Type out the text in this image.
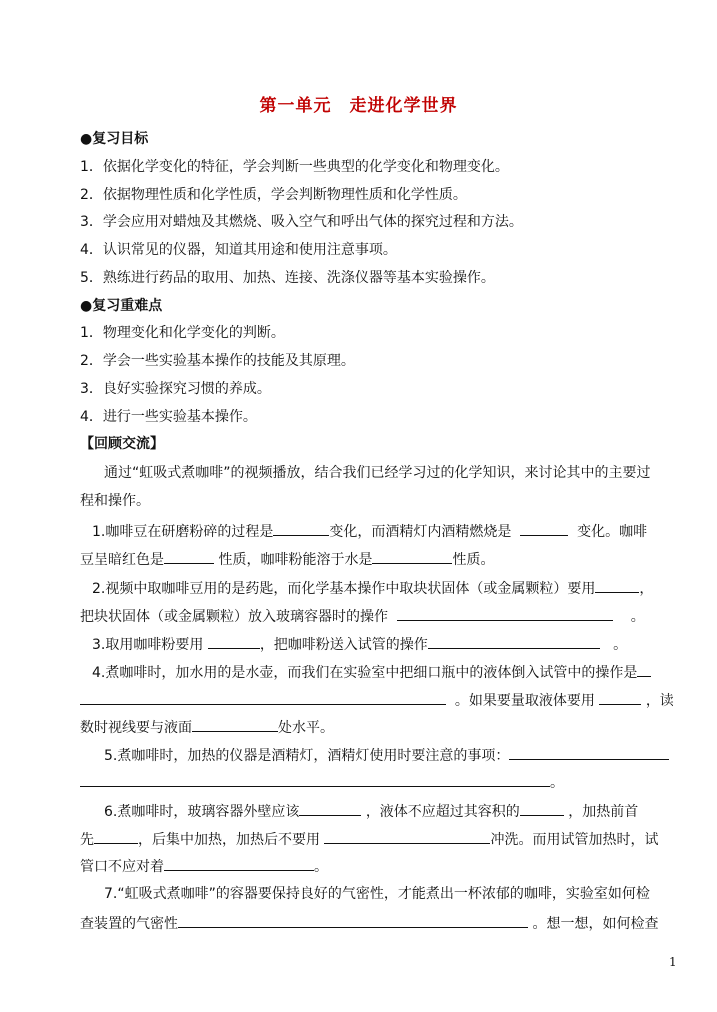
第一单元　走进化学世界
●复习目标
1．依据化学变化的特征，学会判断一些典型的化学变化和物理变化。
2．依据物理性质和化学性质，学会判断物理性质和化学性质。
3．学会应用对蜡烛及其燃烧、吸入空气和呼出气体的探究过程和方法。
4．认识常见的仪器，知道其用途和使用注意事项。
5．熟练进行药品的取用、加热、连接、洗涤仪器等基本实验操作。
●复习重难点
1．物理变化和化学变化的判断。
2．学会一些实验基本操作的技能及其原理。
3．良好实验探究习惯的养成。
4．进行一些实验基本操作。
【回顾交流】
通过“虹吸式煮咖啡”的视频播放，结合我们已经学习过的化学知识，来讨论其中的主要过
程和操作。
1.咖啡豆在研磨粉碎的过程是	变化，而酒精灯内酒精燃烧是	变化。咖啡
豆呈暗红色是	性质，咖啡粉能溶于水是	性质。
2.视频中取咖啡豆用的是药匙，而化学基本操作中取块状固体（或金属颗粒）要用	，
把块状固体（或金属颗粒）放入玻璃容器时的操作	。
3.取用咖啡粉要用	，把咖啡粉送入试管的操作	。
4.煮咖啡时，加水用的是水壶，而我们在实验室中把细口瓶中的液体倒入试管中的操作是
。如果要量取液体要用	，读
数时视线要与液面	处水平。
5.煮咖啡时，加热的仪器是酒精灯，酒精灯使用时要注意的事项：
。
6.煮咖啡时，玻璃容器外壁应该	，液体不应超过其容积的	，加热前首
先	，后集中加热，加热后不要用	冲洗。而用试管加热时，试
管口不应对着	。
7.“虹吸式煮咖啡”的容器要保持良好的气密性，才能煮出一杯浓郁的咖啡，实验室如何检
查装置的气密性	。想一想，如何检查
1
